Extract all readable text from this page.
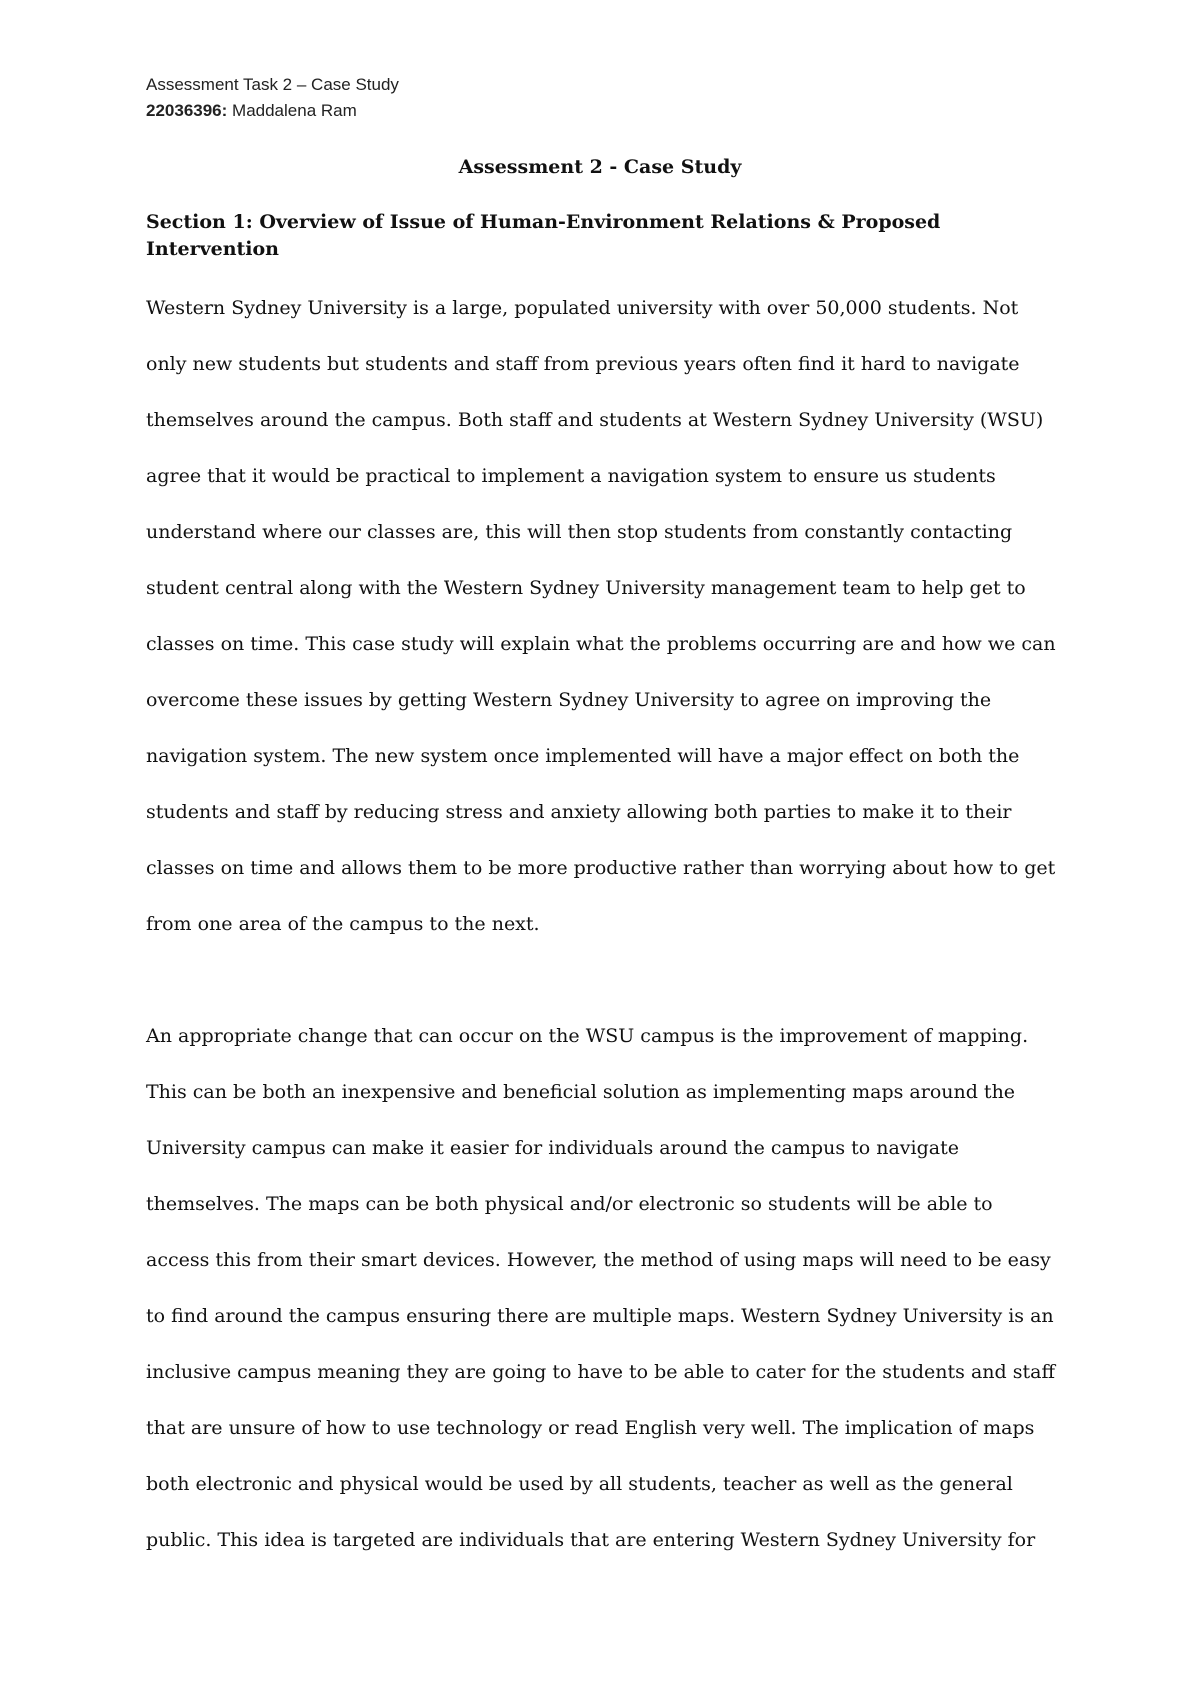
Assessment Task 2 – Case Study
22036396: Maddalena Ram
Assessment 2 - Case Study
Section 1: Overview of Issue of Human-Environment Relations & Proposed Intervention
Western Sydney University is a large, populated university with over 50,000 students. Not
only new students but students and staff from previous years often find it hard to navigate
themselves around the campus. Both staff and students at Western Sydney University (WSU)
agree that it would be practical to implement a navigation system to ensure us students
understand where our classes are, this will then stop students from constantly contacting
student central along with the Western Sydney University management team to help get to
classes on time. This case study will explain what the problems occurring are and how we can
overcome these issues by getting Western Sydney University to agree on improving the
navigation system. The new system once implemented will have a major effect on both the
students and staff by reducing stress and anxiety allowing both parties to make it to their
classes on time and allows them to be more productive rather than worrying about how to get
from one area of the campus to the next.
An appropriate change that can occur on the WSU campus is the improvement of mapping.
This can be both an inexpensive and beneficial solution as implementing maps around the
University campus can make it easier for individuals around the campus to navigate
themselves. The maps can be both physical and/or electronic so students will be able to
access this from their smart devices. However, the method of using maps will need to be easy
to find around the campus ensuring there are multiple maps. Western Sydney University is an
inclusive campus meaning they are going to have to be able to cater for the students and staff
that are unsure of how to use technology or read English very well. The implication of maps
both electronic and physical would be used by all students, teacher as well as the general
public. This idea is targeted are individuals that are entering Western Sydney University for
